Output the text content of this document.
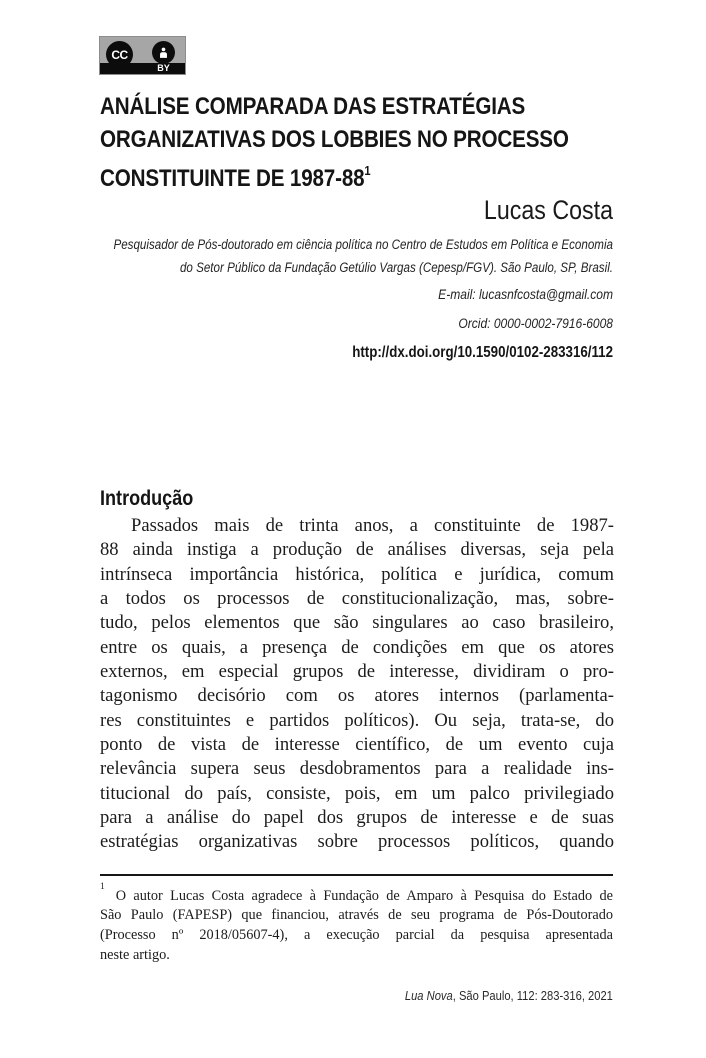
CC
BY
ANÁLISE COMPARADA DAS ESTRATÉGIAS
ORGANIZATIVAS DOS LOBBIES NO PROCESSO
CONSTITUINTE DE $1987-88^1$
Lucas Costa
Pesquisador de Pós-doutorado em ciência política no Centro de Estudos em Política e Economia
do Setor Público da Fundação Getúlio Vargas (Cepesp/FGV). São Paulo, SP, Brasil.
E-mail: lucasnfcosta@gmail.com
Orcid: 0000-0002-7916-6008
http://dx.doi.org/10.1590/0102-283316/112
Introdução
Passados mais de trinta anos, a constituinte de 1987-
88 ainda instiga a produção de análises diversas, seja pela
intrínseca importância histórica, política e jurídica, comum
a todos os processos de constitucionalização, mas, sobre-
tudo, pelos elementos que são singulares ao caso brasileiro,
entre os quais, a presença de condições em que os atores
externos, em especial grupos de interesse, dividiram o pro-
tagonismo decisório com os atores internos (parlamenta-
res constituintes e partidos políticos). Ou seja, trata-se, do
ponto de vista de interesse científico, de um evento cuja
relevância supera seus desdobramentos para a realidade ins-
titucional do país, consiste, pois, em um palco privilegiado
para a análise do papel dos grupos de interesse e de suas
estratégias organizativas sobre processos políticos, quando
$^1$O autor Lucas Costa agradece à Fundação de Amparo à Pesquisa do Estado de
São Paulo (FAPESP) que financiou, através de seu programa de Pós-Doutorado
(Processo nº 2018/05607-4), a execução parcial da pesquisa apresentada
neste artigo.
Lua Nova, São Paulo, 112: 283-316, 2021
